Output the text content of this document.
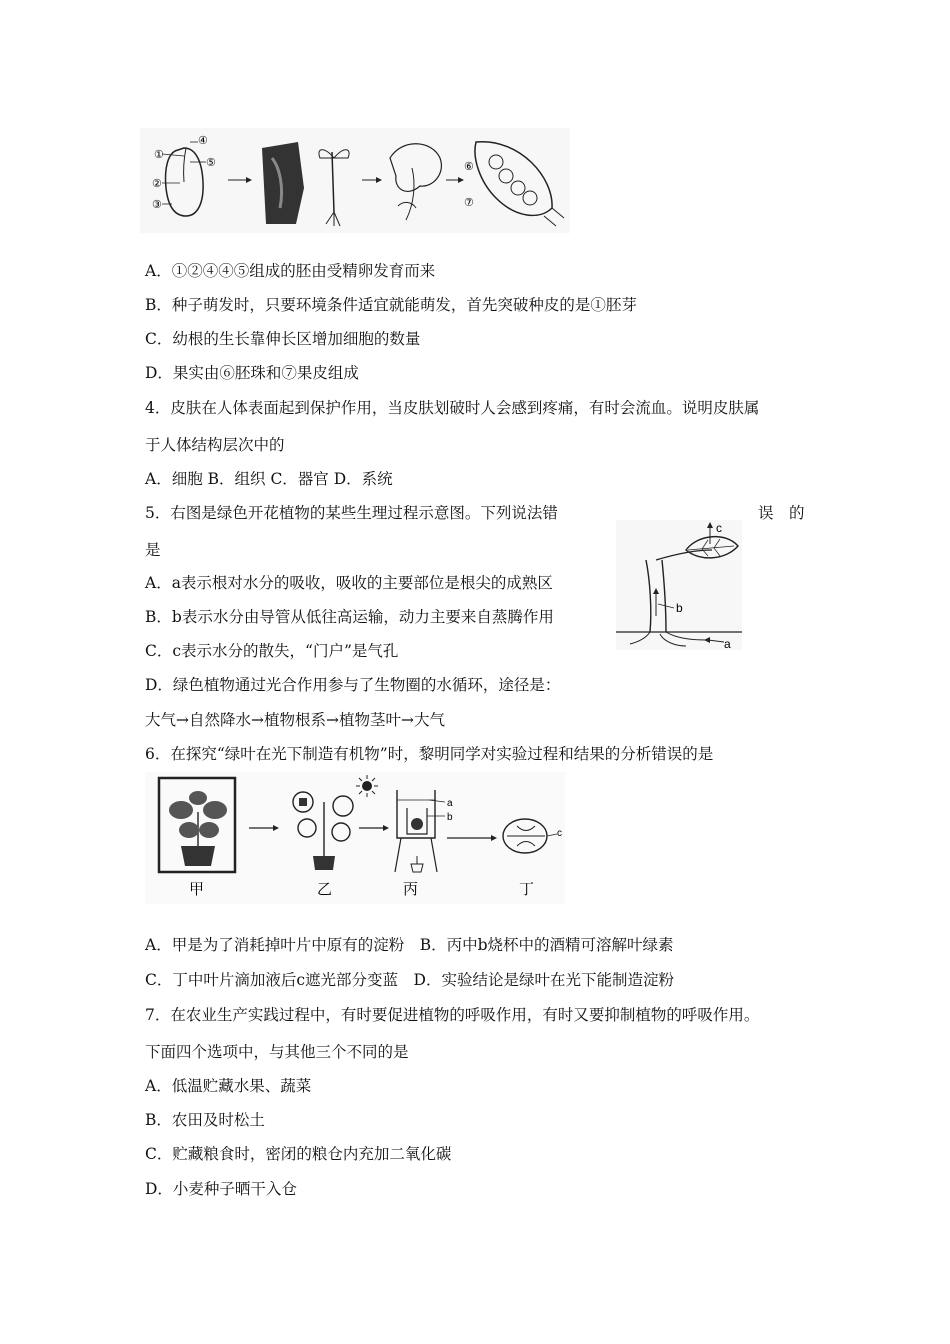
①
②
③
④
⑤	⑥
⑦
A．①②④④⑤组成的胚由受精卵发育而来
B．种子萌发时，只要环境条件适宜就能萌发，首先突破种皮的是①胚芽
C．幼根的生长靠伸长区增加细胞的数量
D．果实由⑥胚珠和⑦果皮组成
4．皮肤在人体表面起到保护作用，当皮肤划破时人会感到疼痛，有时会流血。说明皮肤属
于人体结构层次中的
A．细胞 B．组织 C．器官 D．系统
5．右图是绿色开花植物的某些生理过程示意图。下列说法错	误　的
是
A．a表示根对水分的吸收，吸收的主要部位是根尖的成熟区
B．b表示水分由导管从低往高运输，动力主要来自蒸腾作用
C．c表示水分的散失，“门户”是气孔
D．绿色植物通过光合作用参与了生物圈的水循环，途径是：
大气→自然降水→植物根系→植物茎叶→大气
c
b
a
6．在探究“绿叶在光下制造有机物”时，黎明同学对实验过程和结果的分析错误的是
甲	乙
a
b
丙
c
丁
A．甲是为了消耗掉叶片中原有的淀粉　B．丙中b烧杯中的酒精可溶解叶绿素
C．丁中叶片滴加液后c遮光部分变蓝　D．实验结论是绿叶在光下能制造淀粉
7．在农业生产实践过程中，有时要促进植物的呼吸作用，有时又要抑制植物的呼吸作用。
下面四个选项中，与其他三个不同的是
A．低温贮藏水果、蔬菜
B．农田及时松土
C．贮藏粮食时，密闭的粮仓内充加二氧化碳
D．小麦种子晒干入仓
